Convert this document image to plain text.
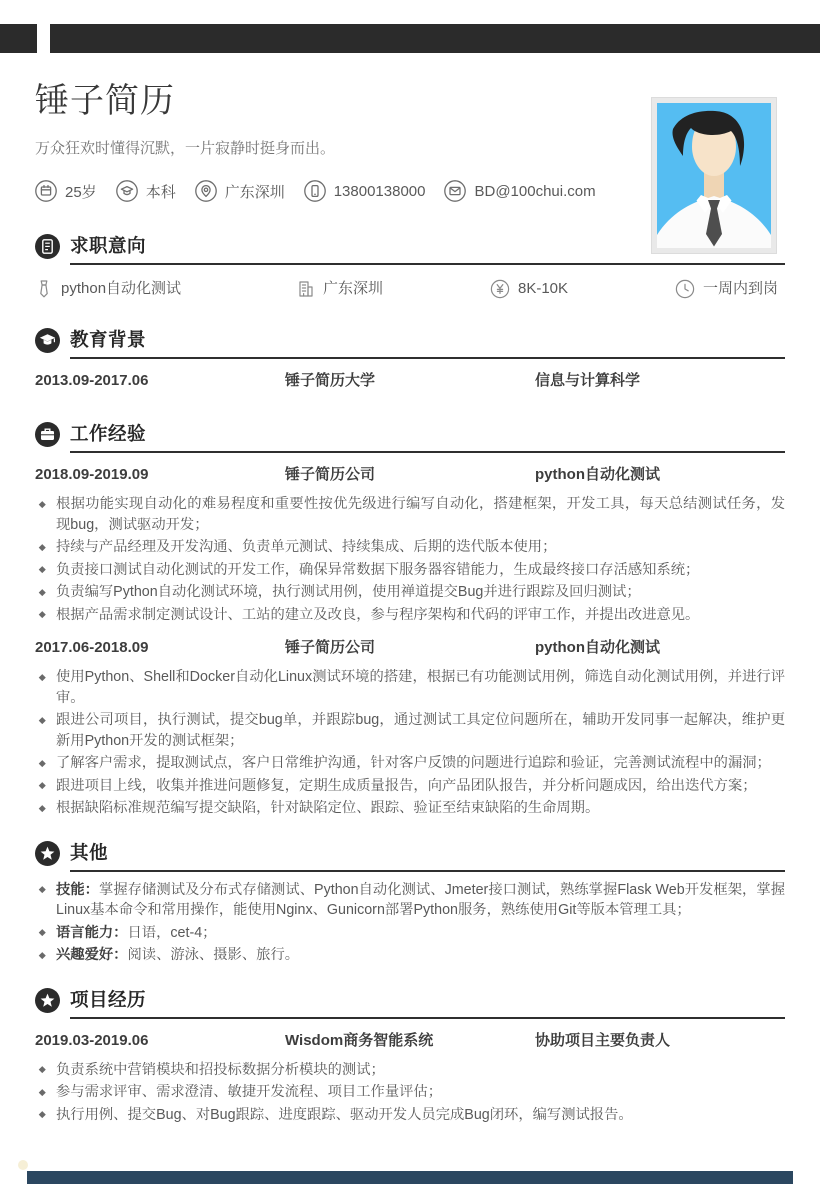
锤子简历
万众狂欢时懂得沉默，一片寂静时挺身而出。
25岁	本科	广东深圳	13800138000	BD@100chui.com
求职意向
python自动化测试	广东深圳	8K-10K	一周内到岗
教育背景
2013.09-2017.06	锤子简历大学	信息与计算科学
工作经验
2018.09-2019.09	锤子简历公司	python自动化测试
根据功能实现自动化的难易程度和重要性按优先级进行编写自动化，搭建框架，开发工具，每天总结测试任务，发现bug，测试驱动开发；
持续与产品经理及开发沟通、负责单元测试、持续集成、后期的迭代版本使用；
负责接口测试自动化测试的开发工作，确保异常数据下服务器容错能力，生成最终接口存活感知系统；
负责编写Python自动化测试环境，执行测试用例，使用禅道提交Bug并进行跟踪及回归测试；
根据产品需求制定测试设计、工站的建立及改良，参与程序架构和代码的评审工作，并提出改进意见。
2017.06-2018.09	锤子简历公司	python自动化测试
使用Python、Shell和Docker自动化Linux测试环境的搭建，根据已有功能测试用例，筛选自动化测试用例，并进行评审。
跟进公司项目，执行测试，提交bug单，并跟踪bug，通过测试工具定位问题所在，辅助开发同事一起解决，维护更新用Python开发的测试框架；
了解客户需求，提取测试点，客户日常维护沟通，针对客户反馈的问题进行追踪和验证，完善测试流程中的漏洞；
跟进项目上线，收集并推进问题修复，定期生成质量报告，向产品团队报告，并分析问题成因，给出迭代方案；
根据缺陷标准规范编写提交缺陷，针对缺陷定位、跟踪、验证至结束缺陷的生命周期。
其他
技能：掌握存储测试及分布式存储测试、Python自动化测试、Jmeter接口测试，熟练掌握Flask Web开发框架，掌握Linux基本命令和常用操作，能使用Nginx、Gunicorn部署Python服务，熟练使用Git等版本管理工具；
语言能力：日语，cet-4；
兴趣爱好：阅读、游泳、摄影、旅行。
项目经历
2019.03-2019.06	Wisdom商务智能系统	协助项目主要负责人
负责系统中营销模块和招投标数据分析模块的测试；
参与需求评审、需求澄清、敏捷开发流程、项目工作量评估；
执行用例、提交Bug、对Bug跟踪、进度跟踪、驱动开发人员完成Bug闭环，编写测试报告。
